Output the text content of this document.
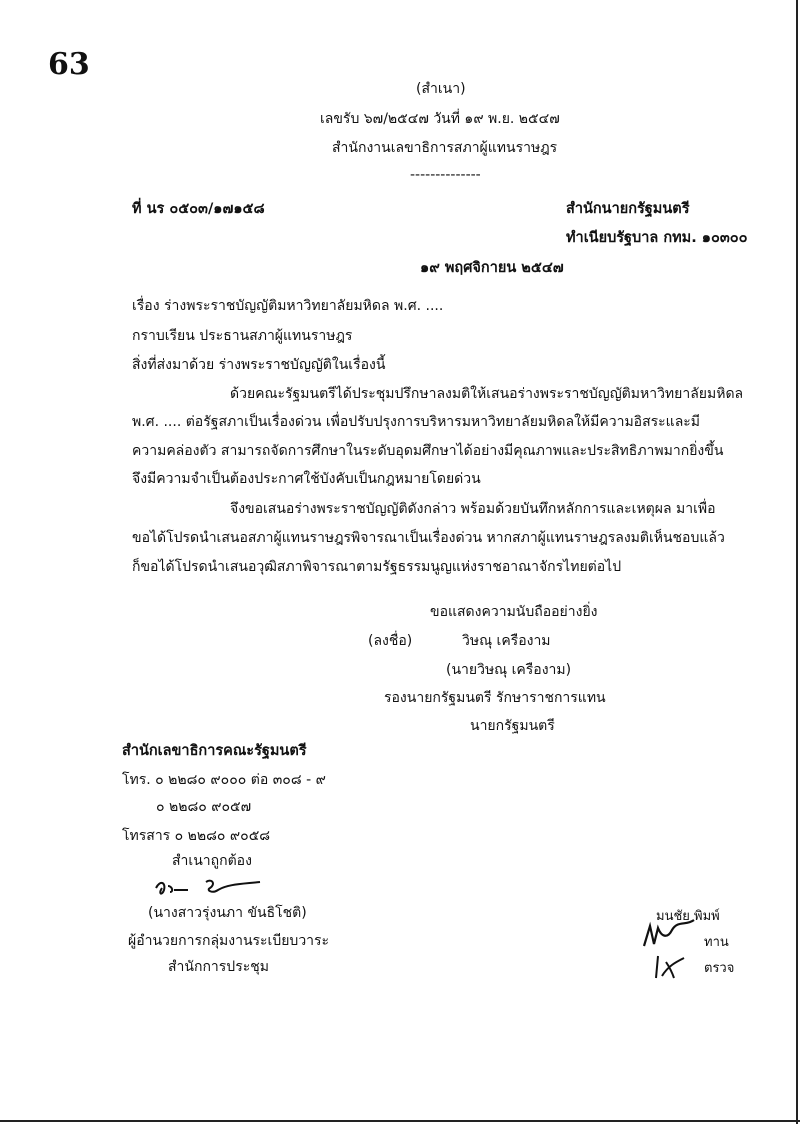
63
(สำเนา)
เลขรับ ๖๗/๒๕๔๗ วันที่ ๑๙ พ.ย. ๒๕๔๗
สำนักงานเลขาธิการสภาผู้แทนราษฎร
--------------
ที่ นร ๐๕๐๓/๑๗๑๕๘	สำนักนายกรัฐมนตรี
ทำเนียบรัฐบาล กทม. ๑๐๓๐๐
๑๙ พฤศจิกายน ๒๕๔๗
เรื่อง ร่างพระราชบัญญัติมหาวิทยาลัยมหิดล พ.ศ. ....
กราบเรียน ประธานสภาผู้แทนราษฎร
สิ่งที่ส่งมาด้วย ร่างพระราชบัญญัติในเรื่องนี้
ด้วยคณะรัฐมนตรีได้ประชุมปรึกษาลงมติให้เสนอร่างพระราชบัญญัติมหาวิทยาลัยมหิดล
พ.ศ. .... ต่อรัฐสภาเป็นเรื่องด่วน เพื่อปรับปรุงการบริหารมหาวิทยาลัยมหิดลให้มีความอิสระและมี
ความคล่องตัว สามารถจัดการศึกษาในระดับอุดมศึกษาได้อย่างมีคุณภาพและประสิทธิภาพมากยิ่งขึ้น
จึงมีความจำเป็นต้องประกาศใช้บังคับเป็นกฎหมายโดยด่วน
จึงขอเสนอร่างพระราชบัญญัติดังกล่าว พร้อมด้วยบันทึกหลักการและเหตุผล มาเพื่อ
ขอได้โปรดนำเสนอสภาผู้แทนราษฎรพิจารณาเป็นเรื่องด่วน หากสภาผู้แทนราษฎรลงมติเห็นชอบแล้ว
ก็ขอได้โปรดนำเสนอวุฒิสภาพิจารณาตามรัฐธรรมนูญแห่งราชอาณาจักรไทยต่อไป
ขอแสดงความนับถืออย่างยิ่ง
(ลงชื่อ)	วิษณุ เครืองาม
(นายวิษณุ เครืองาม)
รองนายกรัฐมนตรี รักษาราชการแทน
นายกรัฐมนตรี
สำนักเลขาธิการคณะรัฐมนตรี
โทร. ๐ ๒๒๘๐ ๙๐๐๐ ต่อ ๓๐๘ - ๙
๐ ๒๒๘๐ ๙๐๕๗
โทรสาร ๐ ๒๒๘๐ ๙๐๕๘
สำเนาถูกต้อง
(นางสาวรุ่งนภา ขันธิโชติ)
ผู้อำนวยการกลุ่มงานระเบียบวาระ
สำนักการประชุม
มนชัย พิมพ์
ทาน
ตรวจ
